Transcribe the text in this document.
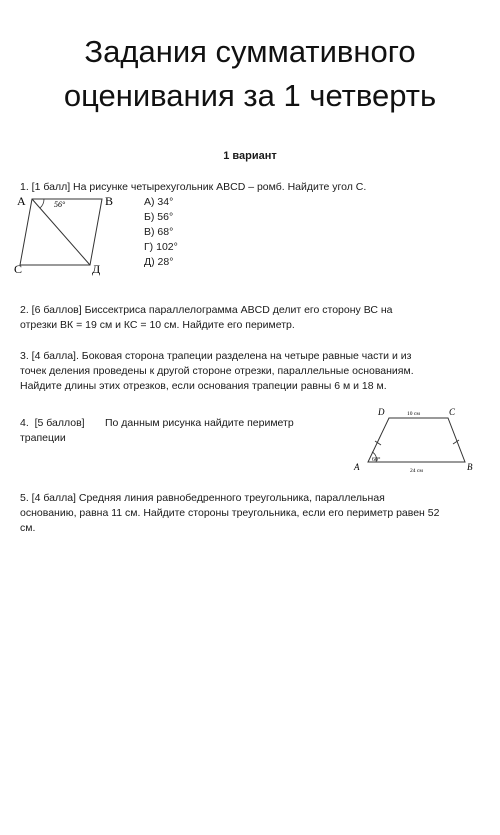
Задания суммативного
оценивания за 1 четверть
1 вариант
1. [1 балл] На рисунке четырехугольник ABCD – ромб. Найдите угол С.
А	56°	В
С	Д
А) 34°
Б) 56°
В) 68°
Г) 102°
Д) 28°
2. [6 баллов] Биссектриса параллелограмма ABCD делит его сторону ВС на
отрезки ВК = 19 см и КС = 10 см. Найдите его периметр.
3. [4 балла]. Боковая сторона трапеции разделена на четыре равные части и из
точек деления проведены к другой стороне отрезки, параллельные основаниям.
Найдите длины этих отрезков, если основания трапеции равны 6 м и 18 м.
4.  [5 баллов]       По данным рисунка найдите периметр
трапеции
D	C
10 см
60°
A	B
24 см
5. [4 балла] Средняя линия равнобедренного треугольника, параллельная
основанию, равна 11 см. Найдите стороны треугольника, если его периметр равен 52
см.
